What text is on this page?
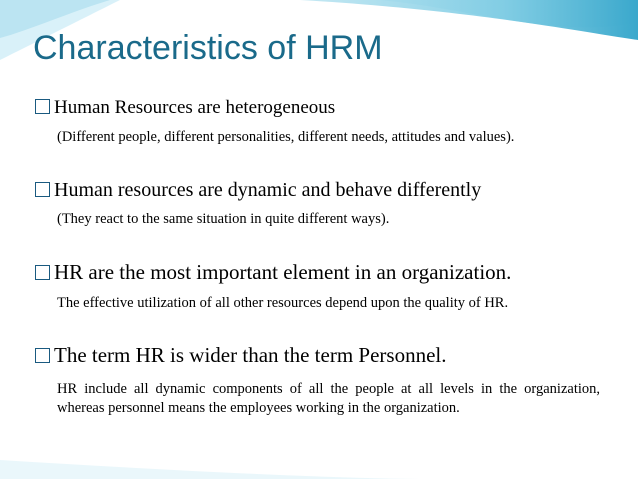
Characteristics of HRM
Human Resources are heterogeneous
(Different people, different personalities, different needs, attitudes and values).
Human resources are dynamic and behave differently
(They react to the same situation in quite different ways).
HR are the most important element in an organization.
The effective utilization of all other resources depend upon the quality of HR.
The term HR is wider than the term Personnel.
HR include all dynamic components of all the people at all levels in the organization, whereas personnel means the employees working in the organization.
